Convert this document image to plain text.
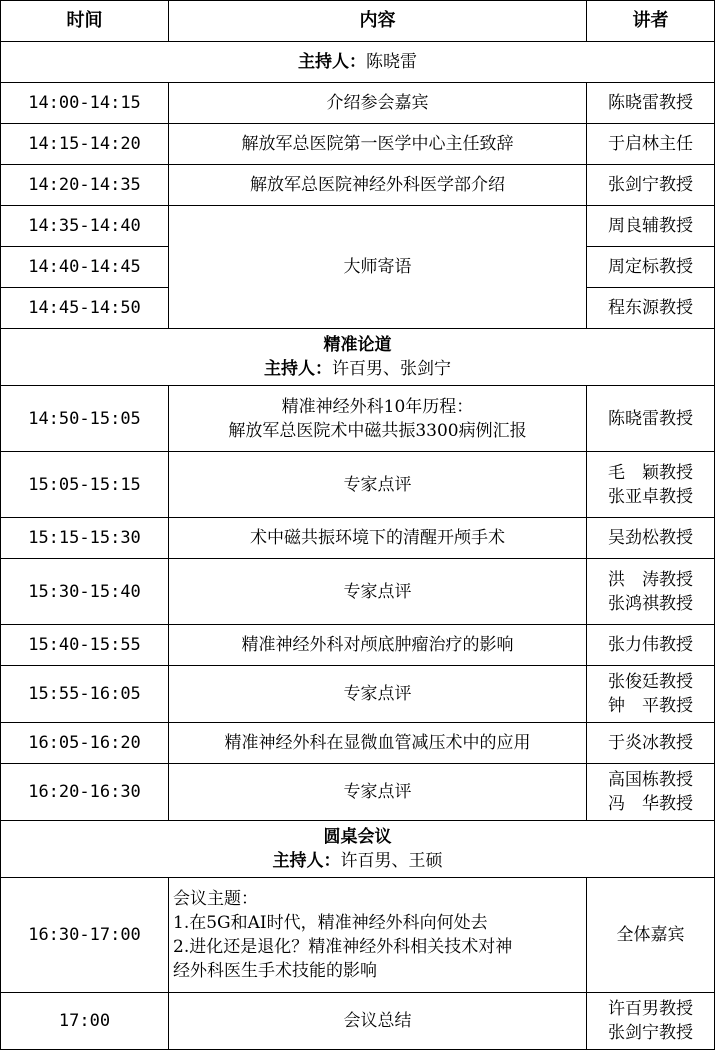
时间	内容	讲者
主持人：陈晓雷		
14:00-14:15	介绍参会嘉宾	陈晓雷教授
14:15-14:20	解放军总医院第一医学中心主任致辞	于启林主任
14:20-14:35	解放军总医院神经外科医学部介绍	张剑宁教授
14:35-14:40	大师寄语	周良辅教授
14:40-14:45		周定标教授
14:45-14:50		程东源教授

精准论道
主持人：许百男、张剑宁		

14:50-15:05	精准神经外科10年历程：
解放军总医院术中磁共振3300病例汇报	陈晓雷教授
15:05-15:15	专家点评	毛　颖教授
张亚卓教授

15:15-15:30	术中磁共振环境下的清醒开颅手术	吴劲松教授
15:30-15:40	专家点评	洪　涛教授
张鸿祺教授

15:40-15:55	精准神经外科对颅底肿瘤治疗的影响	张力伟教授
15:55-16:05	专家点评	张俊廷教授
钟　平教授

16:05-16:20	精准神经外科在显微血管减压术中的应用	于炎冰教授
16:20-16:30	专家点评	高国栋教授
冯　华教授

圆桌会议
主持人：许百男、王硕		

16:30-17:00	会议主题：
1.在5G和AI时代，精准神经外科向何处去
2.进化还是退化？精准神经外科相关技术对神
经外科医生手术技能的影响	全体嘉宾
17:00	会议总结	许百男教授
张剑宁教授
